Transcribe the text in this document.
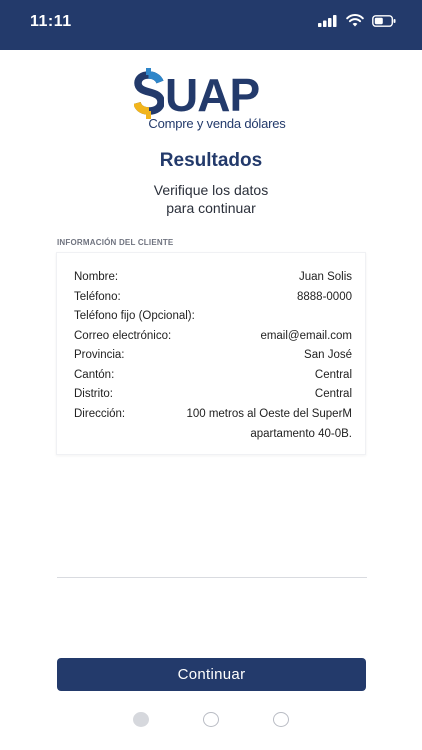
11:11
UAP
Compre y venda dólares
Resultados
Verifique los datos
para continuar
INFORMACIÓN DEL CLIENTE
Nombre:	Juan Solis
Teléfono:	8888-0000
Teléfono fijo (Opcional):
Correo electrónico:	email@email.com
Provincia:	San José
Cantón:	Central
Distrito:	Central
Dirección:	100 metros al Oeste del SuperM
apartamento 40-0B.
Continuar
